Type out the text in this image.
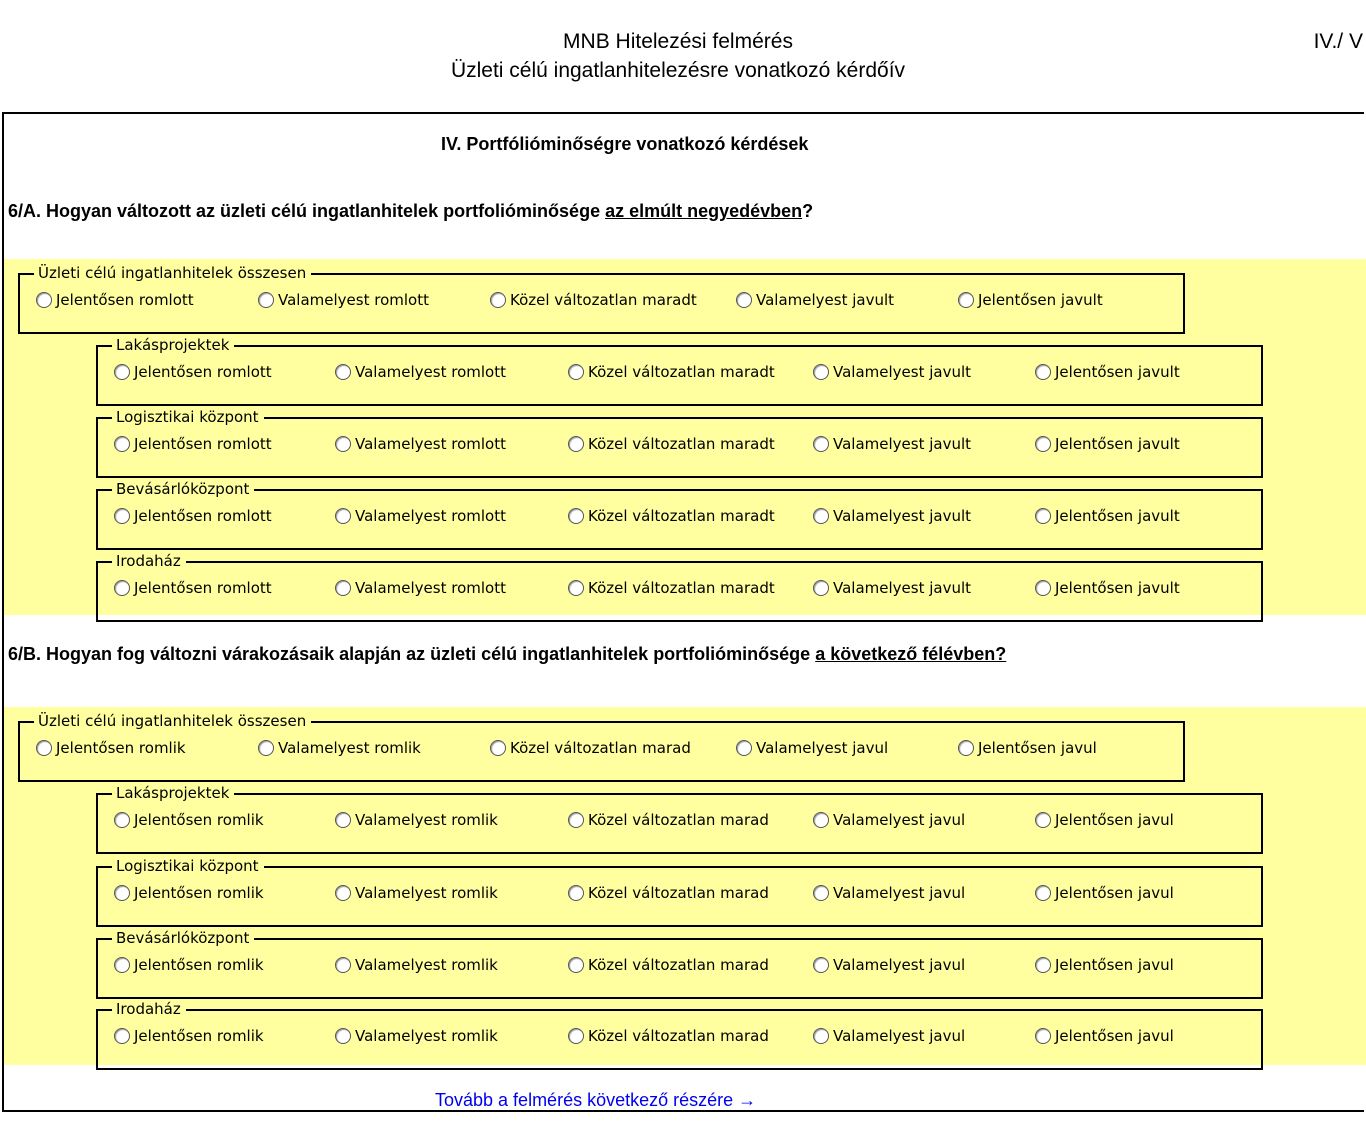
MNB Hitelezési felmérés
Üzleti célú ingatlanhitelezésre vonatkozó kérdőív
IV./ V
IV. Portfólióminőségre vonatkozó kérdések
6/A. Hogyan változott az üzleti célú ingatlanhitelek portfolióminősége az elmúlt negyedévben?
6/B. Hogyan fog változni várakozásaik alapján az üzleti célú ingatlanhitelek portfolióminősége a következő félévben?
Üzleti célú ingatlanhitelek összesen
Jelentősen romlott	Valamelyest romlott	Közel változatlan maradt	Valamelyest javult	Jelentősen javult
Lakásprojektek
Jelentősen romlott	Valamelyest romlott	Közel változatlan maradt	Valamelyest javult	Jelentősen javult
Logisztikai központ
Jelentősen romlott	Valamelyest romlott	Közel változatlan maradt	Valamelyest javult	Jelentősen javult
Bevásárlóközpont
Jelentősen romlott	Valamelyest romlott	Közel változatlan maradt	Valamelyest javult	Jelentősen javult
Irodaház
Jelentősen romlott	Valamelyest romlott	Közel változatlan maradt	Valamelyest javult	Jelentősen javult
Üzleti célú ingatlanhitelek összesen
Jelentősen romlik	Valamelyest romlik	Közel változatlan marad	Valamelyest javul	Jelentősen javul
Lakásprojektek
Jelentősen romlik	Valamelyest romlik	Közel változatlan marad	Valamelyest javul	Jelentősen javul
Logisztikai központ
Jelentősen romlik	Valamelyest romlik	Közel változatlan marad	Valamelyest javul	Jelentősen javul
Bevásárlóközpont
Jelentősen romlik	Valamelyest romlik	Közel változatlan marad	Valamelyest javul	Jelentősen javul
Irodaház
Jelentősen romlik	Valamelyest romlik	Közel változatlan marad	Valamelyest javul	Jelentősen javul
Tovább a felmérés következő részére →
